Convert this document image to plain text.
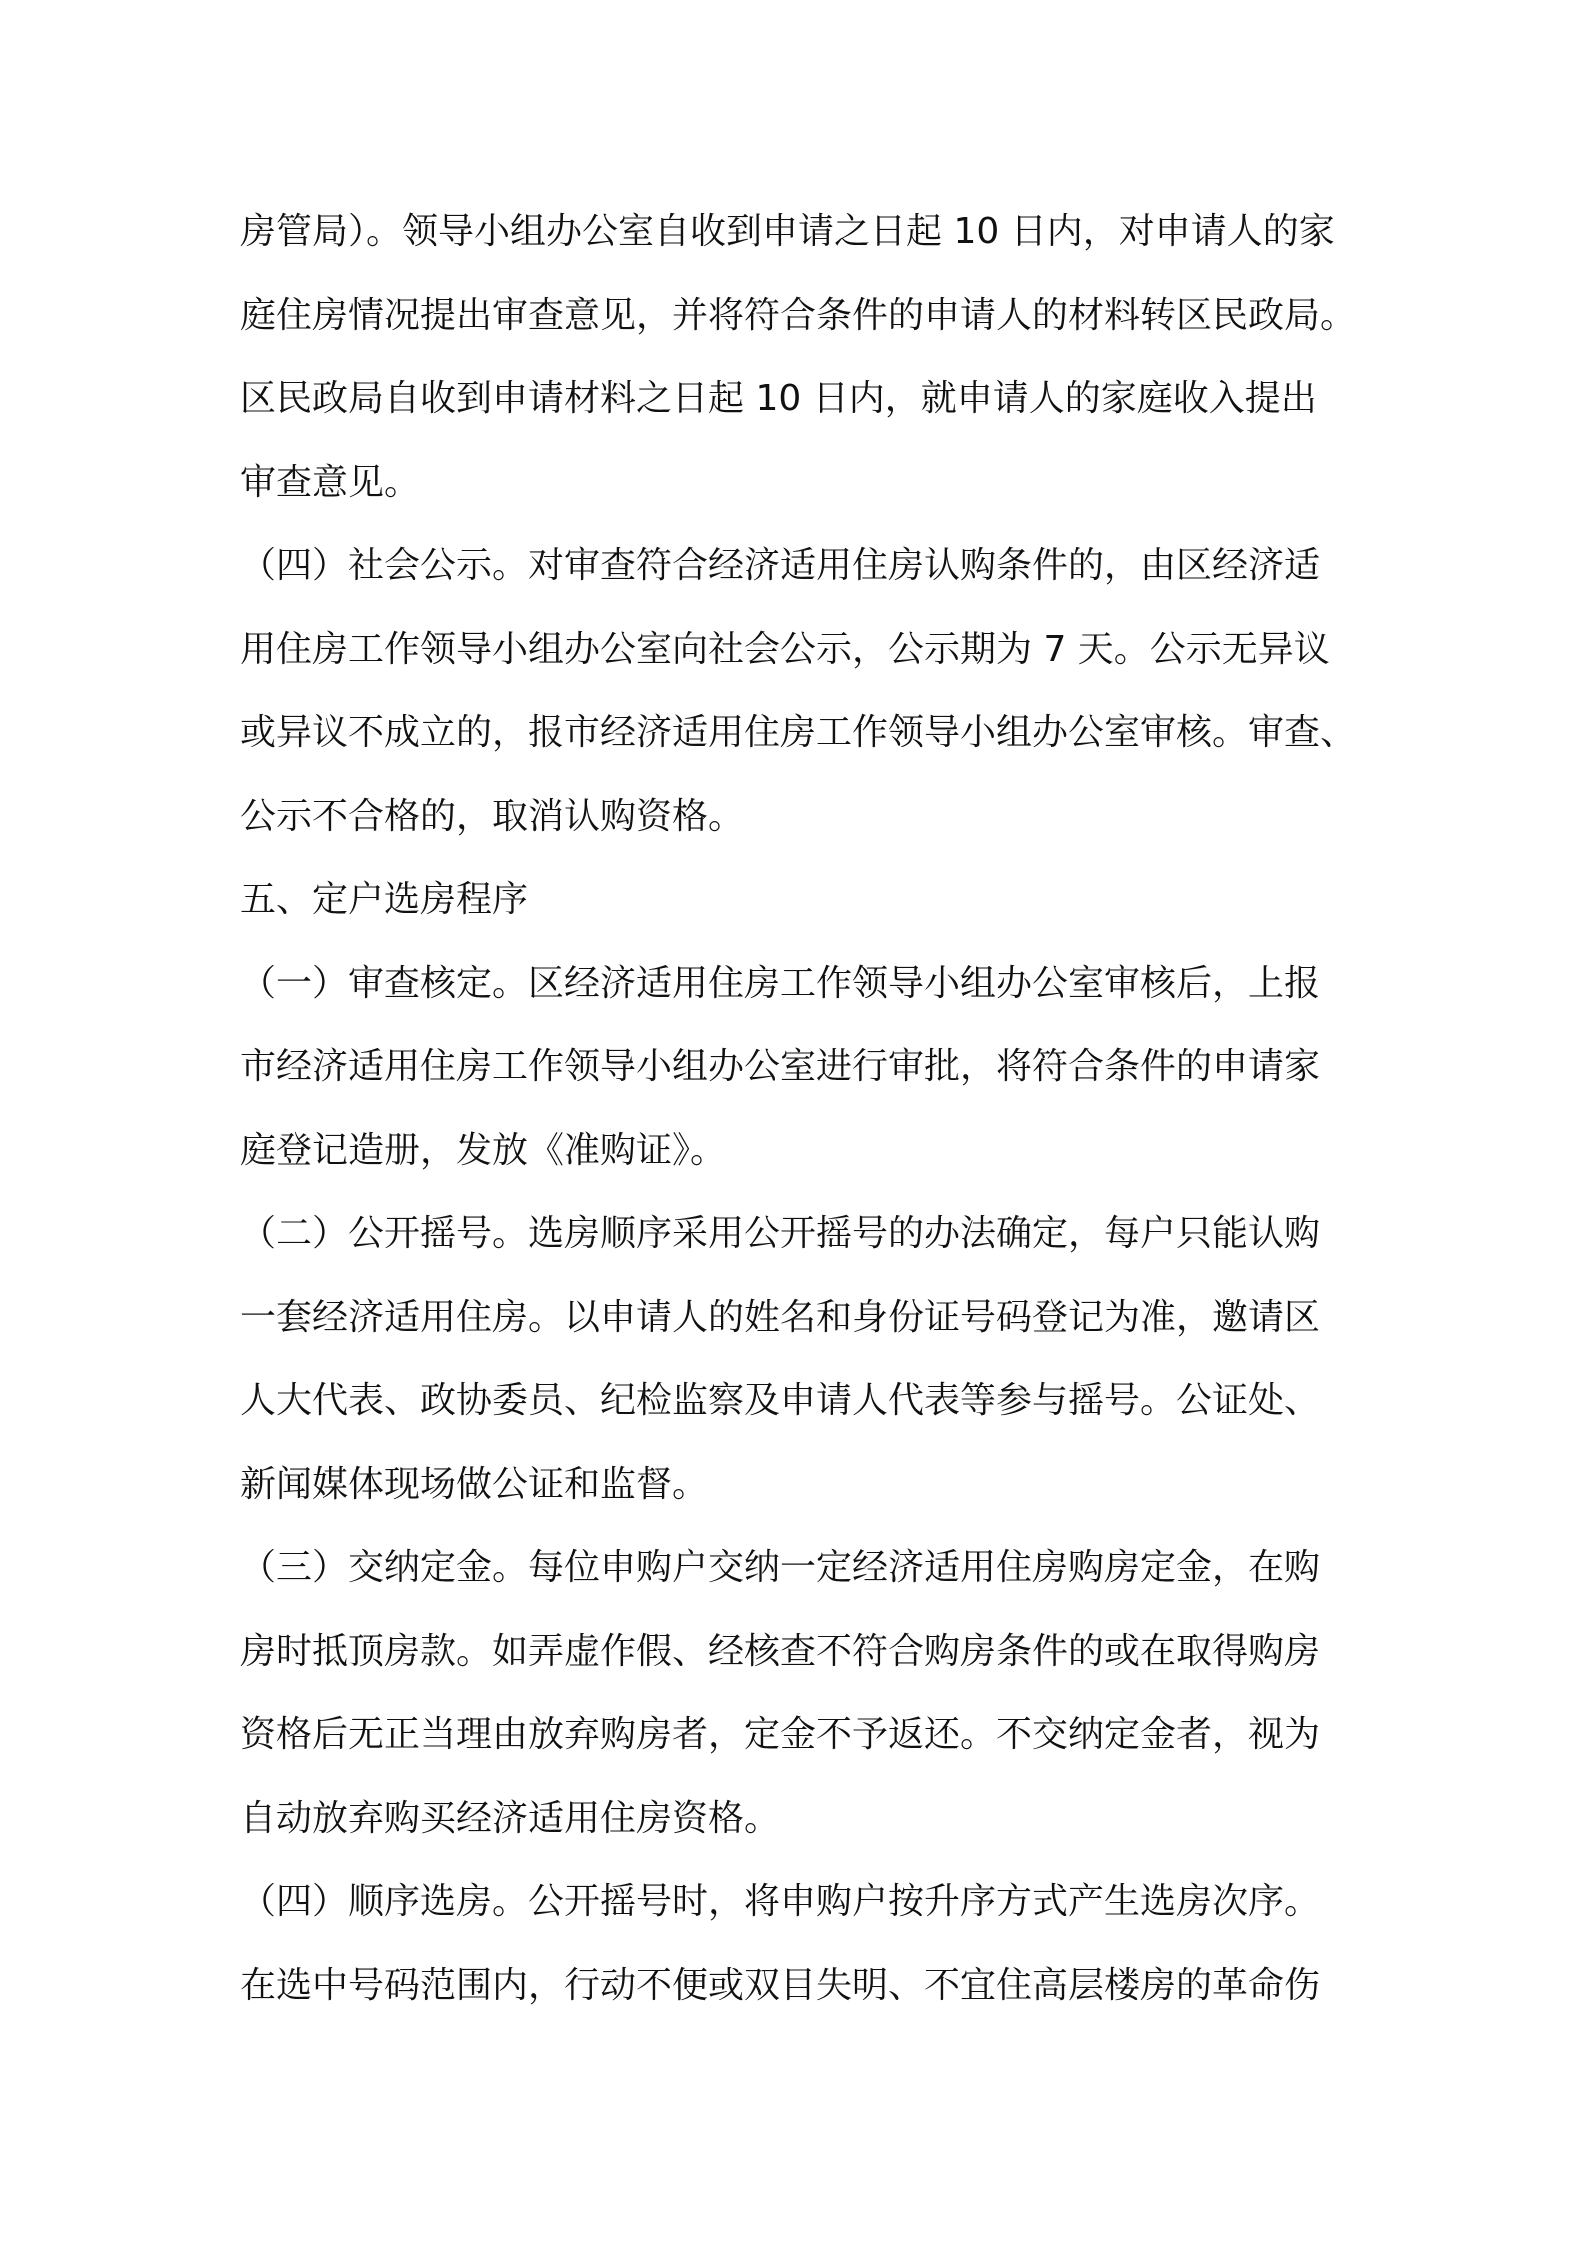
房管局）。领导小组办公室自收到申请之日起 10 日内，对申请人的家
庭住房情况提出审查意见，并将符合条件的申请人的材料转区民政局。
区民政局自收到申请材料之日起 10 日内，就申请人的家庭收入提出
审查意见。
（四）社会公示。对审查符合经济适用住房认购条件的，由区经济适
用住房工作领导小组办公室向社会公示，公示期为 7 天。公示无异议
或异议不成立的，报市经济适用住房工作领导小组办公室审核。审查、
公示不合格的，取消认购资格。
五、定户选房程序
（一）审查核定。区经济适用住房工作领导小组办公室审核后，上报
市经济适用住房工作领导小组办公室进行审批，将符合条件的申请家
庭登记造册，发放《准购证》。
（二）公开摇号。选房顺序采用公开摇号的办法确定，每户只能认购
一套经济适用住房。以申请人的姓名和身份证号码登记为准，邀请区
人大代表、政协委员、纪检监察及申请人代表等参与摇号。公证处、
新闻媒体现场做公证和监督。
（三）交纳定金。每位申购户交纳一定经济适用住房购房定金，在购
房时抵顶房款。如弄虚作假、经核查不符合购房条件的或在取得购房
资格后无正当理由放弃购房者，定金不予返还。不交纳定金者，视为
自动放弃购买经济适用住房资格。
（四）顺序选房。公开摇号时，将申购户按升序方式产生选房次序。
在选中号码范围内，行动不便或双目失明、不宜住高层楼房的革命伤
